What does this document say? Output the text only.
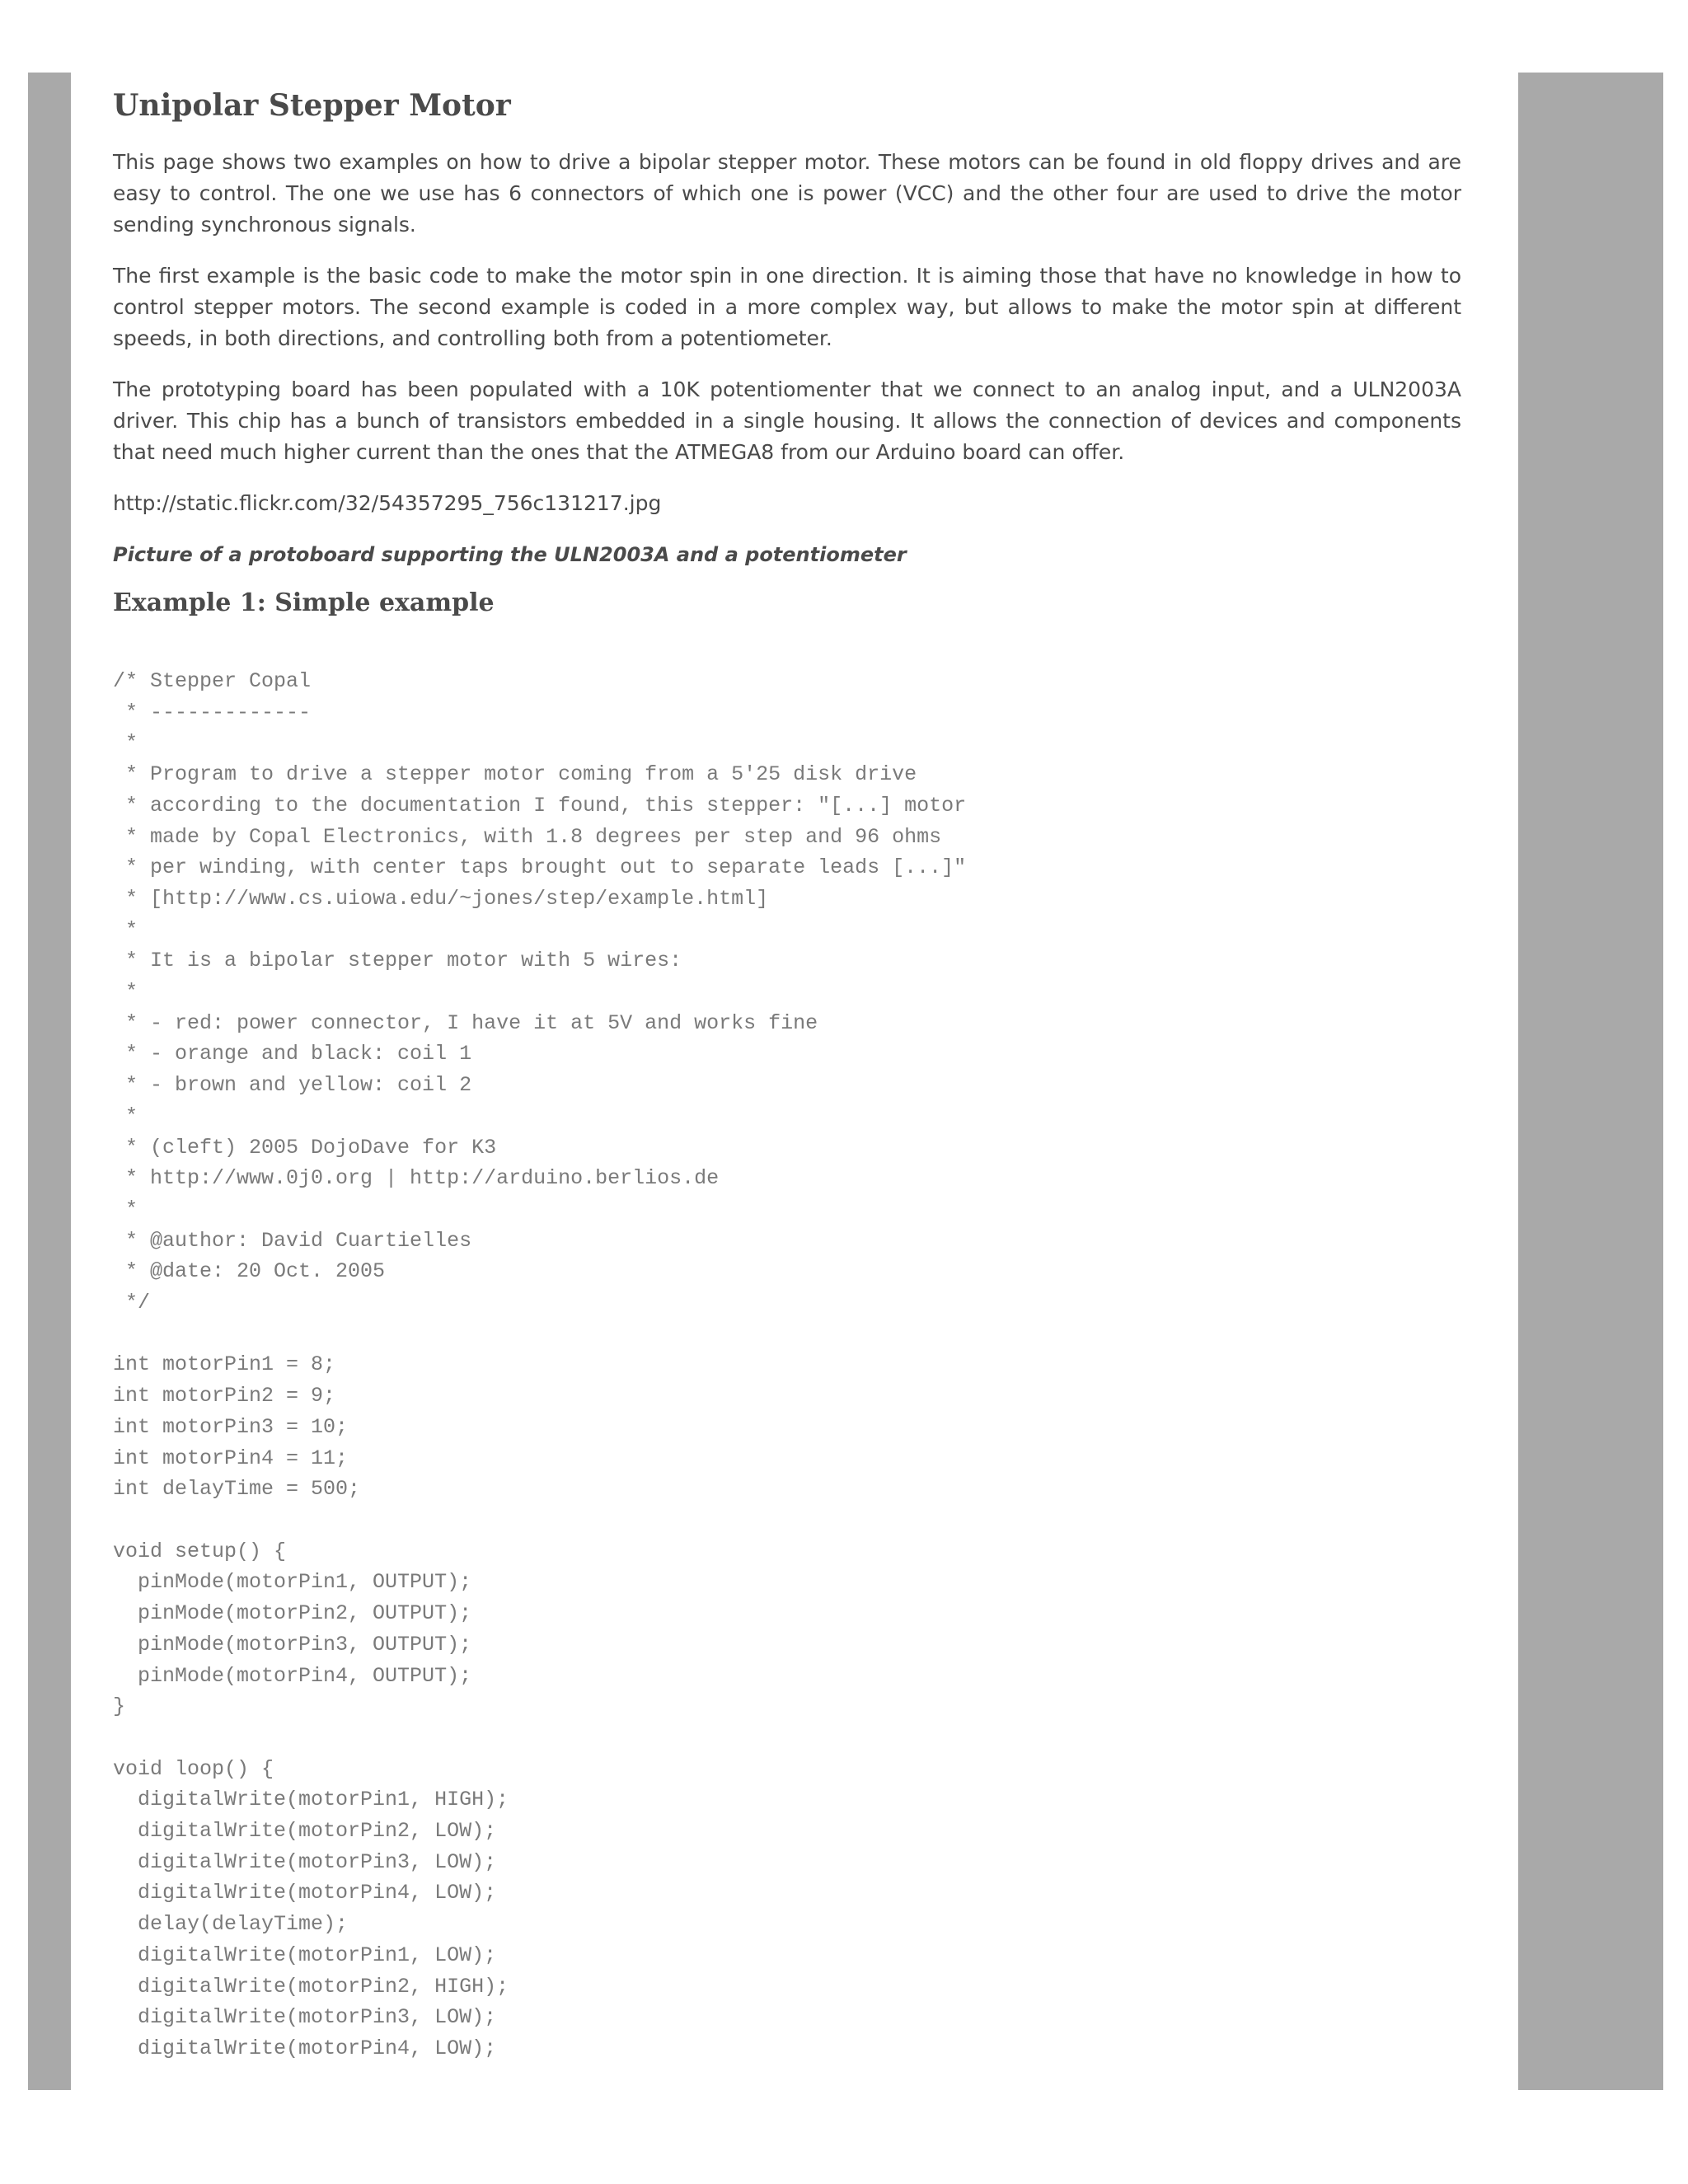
Unipolar Stepper Motor

This page shows two examples on how to drive a bipolar stepper motor. These motors can be found in old floppy drives and are easy to control. The one we use has 6 connectors of which one is power (VCC) and the other four are used to drive the motor sending synchronous signals.

The first example is the basic code to make the motor spin in one direction. It is aiming those that have no knowledge in how to control stepper motors. The second example is coded in a more complex way, but allows to make the motor spin at different speeds, in both directions, and controlling both from a potentiometer.

The prototyping board has been populated with a 10K potentiomenter that we connect to an analog input, and a ULN2003A driver. This chip has a bunch of transistors embedded in a single housing. It allows the connection of devices and components that need much higher current than the ones that the ATMEGA8 from our Arduino board can offer.

http://static.flickr.com/32/54357295_756c131217.jpg

Picture of a protoboard supporting the ULN2003A and a potentiometer

Example 1: Simple example
/* Stepper Copal
* -------------
*
* Program to drive a stepper motor coming from a 5'25 disk drive
* according to the documentation I found, this stepper: "[...] motor
* made by Copal Electronics, with 1.8 degrees per step and 96 ohms
* per winding, with center taps brought out to separate leads [...]"
* [http://www.cs.uiowa.edu/~jones/step/example.html]
*
* It is a bipolar stepper motor with 5 wires:
*
* - red: power connector, I have it at 5V and works fine
* - orange and black: coil 1
* - brown and yellow: coil 2
*
* (cleft) 2005 DojoDave for K3
* http://www.0j0.org | http://arduino.berlios.de
*
* @author: David Cuartielles
* @date: 20 Oct. 2005
*/

int motorPin1 = 8;
int motorPin2 = 9;
int motorPin3 = 10;
int motorPin4 = 11;
int delayTime = 500;

void setup() {
pinMode(motorPin1, OUTPUT);
pinMode(motorPin2, OUTPUT);
pinMode(motorPin3, OUTPUT);
pinMode(motorPin4, OUTPUT);
}

void loop() {
digitalWrite(motorPin1, HIGH);
digitalWrite(motorPin2, LOW);
digitalWrite(motorPin3, LOW);
digitalWrite(motorPin4, LOW);
delay(delayTime);
digitalWrite(motorPin1, LOW);
digitalWrite(motorPin2, HIGH);
digitalWrite(motorPin3, LOW);
digitalWrite(motorPin4, LOW);
